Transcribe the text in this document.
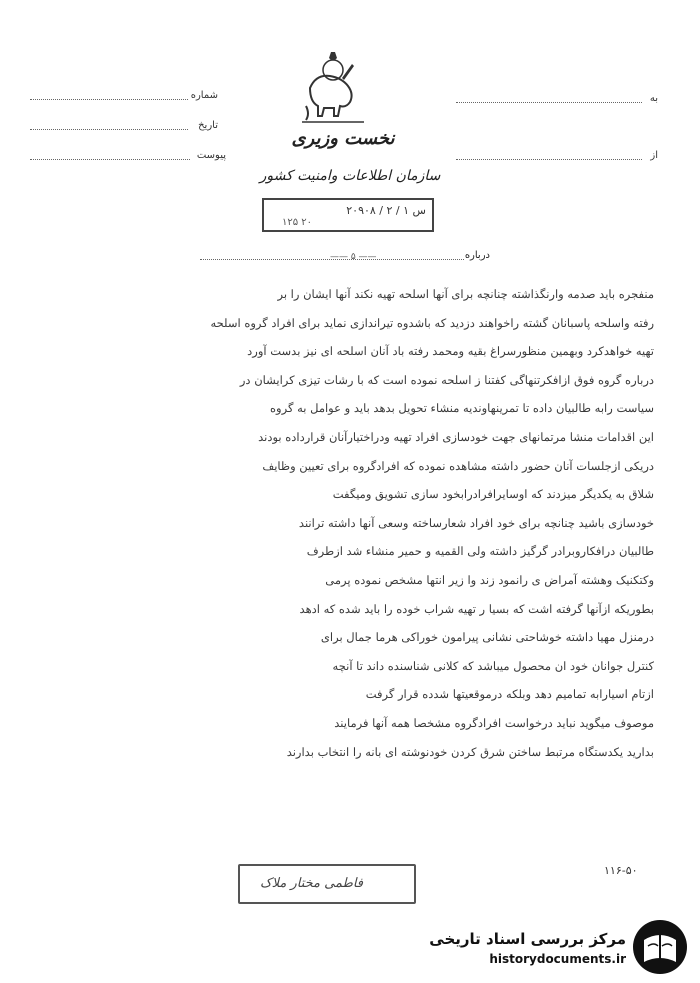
شماره
تاریخ
پیوست
به
از
نخست وزیری
سازمان اطلاعات وامنیت کشور
س ۱ / ۲ / ۲۰۹۰۸
۱۲۵ ۲۰
درباره
—— ۵ ——

منفجره باید صدمه وارنگذاشته چنانچه برای آنها اسلحه تهیه نکند آنها ایشان را بر

رفته واسلحه پاسبانان گشته راخواهند دزدید که باشدوه تیراندازی نماید برای افراد گروه اسلحه

تهیه خواهدکرد وبهمین منظورسراغ بقیه ومحمد رفته باد آنان اسلحه ای نیز بدست آورد

درباره گروه فوق ازافکرتنهاگی کفتنا ز اسلحه نموده است که با رشات تیزی کرایشان در

سیاست رابه طالبیان داده تا تمرینهاوندیه منشاء تحویل بدهد باید و عوامل به گروه

این اقدامات منشا مرتمانهای جهت خودسازی افراد تهیه ودراختیارآنان قرارداده بودند

دریکی ازجلسات آنان حضور داشته مشاهده نموده که افرادگروه برای تعیین وظایف

شلاق به یکدیگر میزدند که اوسایرافرادرابخود سازی تشویق ومیگفت

خودسازی باشید چنانچه برای خود افراد شعارساخته وسعی آنها داشته ترانند

طالبیان درافکاروبرادر گرگیز داشته ولی القمیه و حمیر منشاء شد ازطرف

وکتکنیک وهشته آمراض ی رانمود زند وا زیر انتها مشخص نموده پرمی

بطوریکه ازآنها گرفته اشت که بسیا ر تهیه شراب خوده را باید شده که ادهد

درمنزل مهیا داشته خوشاحتی نشانی پیرامون خوراکی هرما جمال برای

کنترل جوانان خود ان محصول میباشد که کلانی شناسنده داند تا آنچه

ازتام اسیارابه تمامیم دهد وبلکه درموقعیتها شدده قرار گرفت

موصوف میگوید نباید درخواست افرادگروه مشخصا همه آنها فرمایند

بدارید یکدستگاه مرتبط ساختن شرق کردن خودنوشته ای بانه را انتخاب بدارند

۱۱۶-۵۰
فاطمی مختار ملاک
مرکز بررسی اسناد تاریخی
historydocuments.ir
